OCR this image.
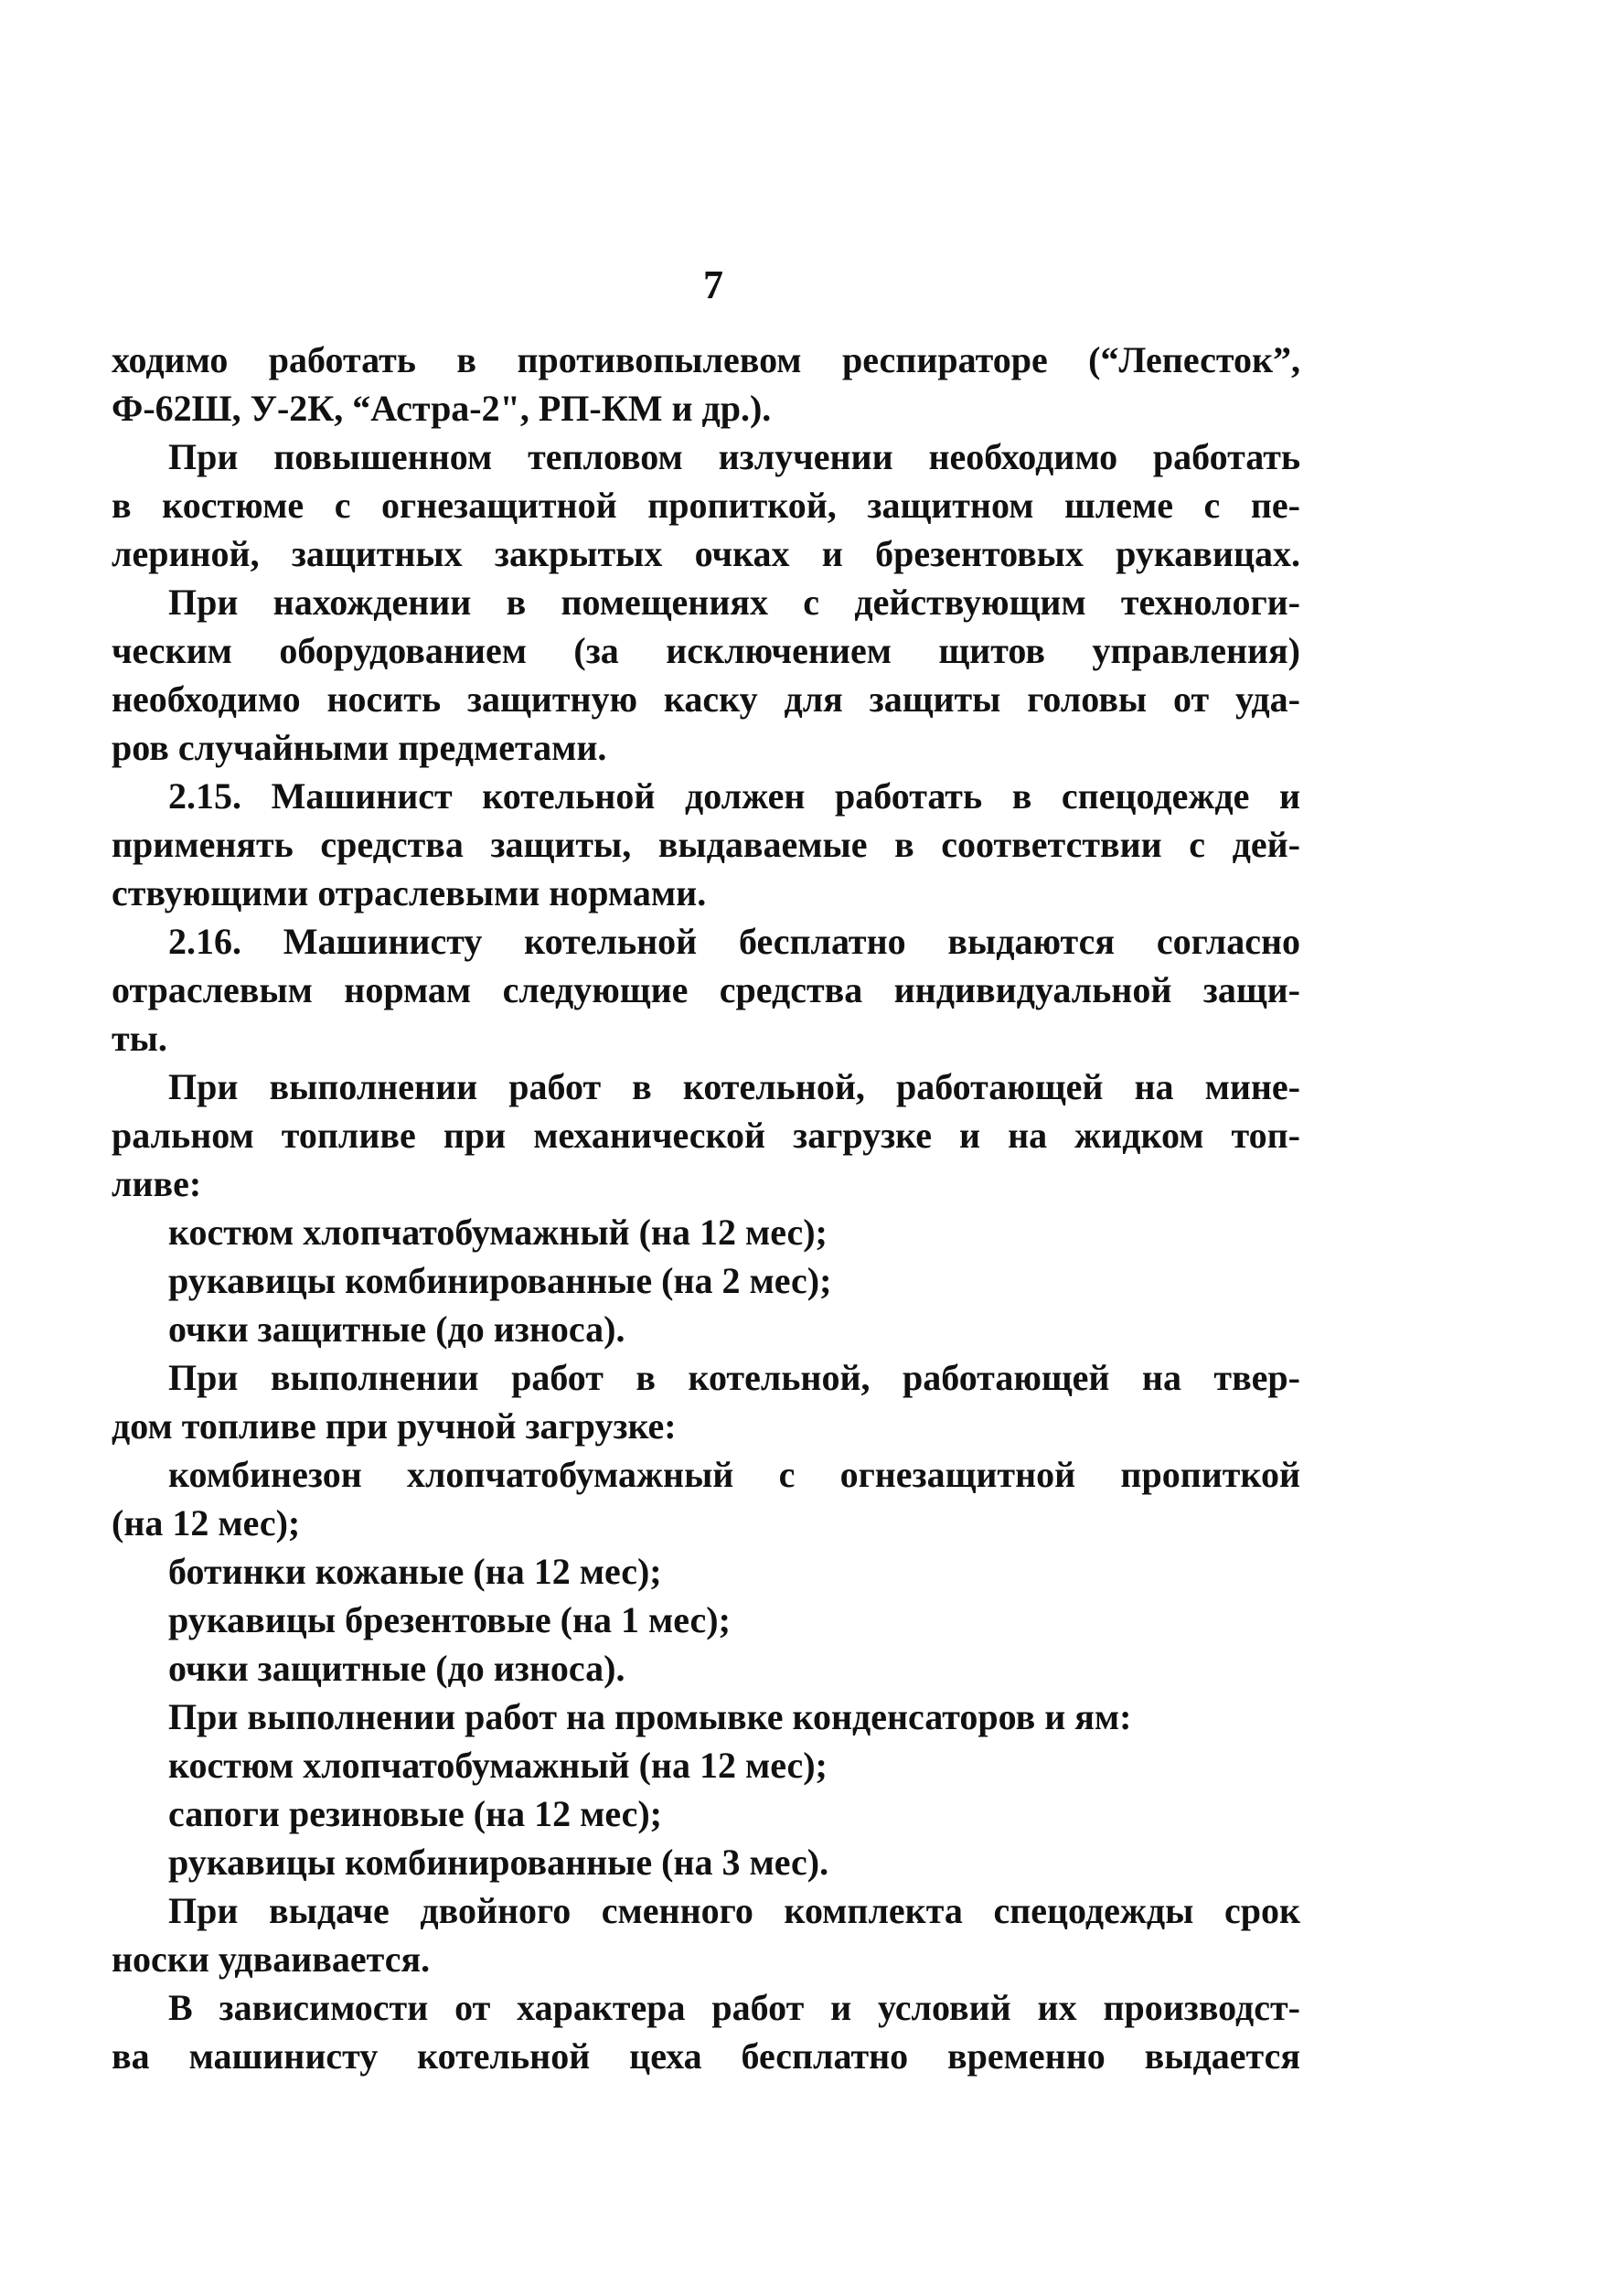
7
ходимо работать в противопылевом респираторе (“Лепесток”,
Ф-62Ш, У-2К, “Астра-2", РП-КМ и др.).
При повышенном тепловом излучении необходимо работать
в костюме с огнезащитной пропиткой, защитном шлеме с пе-
лериной, защитных закрытых очках и брезентовых рукавицах.
При нахождении в помещениях с действующим технологи-
ческим оборудованием (за исключением щитов управления)
необходимо носить защитную каску для защиты головы от уда-
ров случайными предметами.
2.15. Машинист котельной должен работать в спецодежде и
применять средства защиты, выдаваемые в соответствии с дей-
ствующими отраслевыми нормами.
2.16. Машинисту котельной бесплатно выдаются согласно
отраслевым нормам следующие средства индивидуальной защи-
ты.
При выполнении работ в котельной, работающей на мине-
ральном топливе при механической загрузке и на жидком топ-
ливе:
костюм хлопчатобумажный (на 12 мес);
рукавицы комбинированные (на 2 мес);
очки защитные (до износа).
При выполнении работ в котельной, работающей на твер-
дом топливе при ручной загрузке:
комбинезон хлопчатобумажный с огнезащитной пропиткой
(на 12 мес);
ботинки кожаные (на 12 мес);
рукавицы брезентовые (на 1 мес);
очки защитные (до износа).
При выполнении работ на промывке конденсаторов и ям:
костюм хлопчатобумажный (на 12 мес);
сапоги резиновые (на 12 мес);
рукавицы комбинированные (на 3 мес).
При выдаче двойного сменного комплекта спецодежды срок
носки удваивается.
В зависимости от характера работ и условий их производст-
ва машинисту котельной цеха бесплатно временно выдается
